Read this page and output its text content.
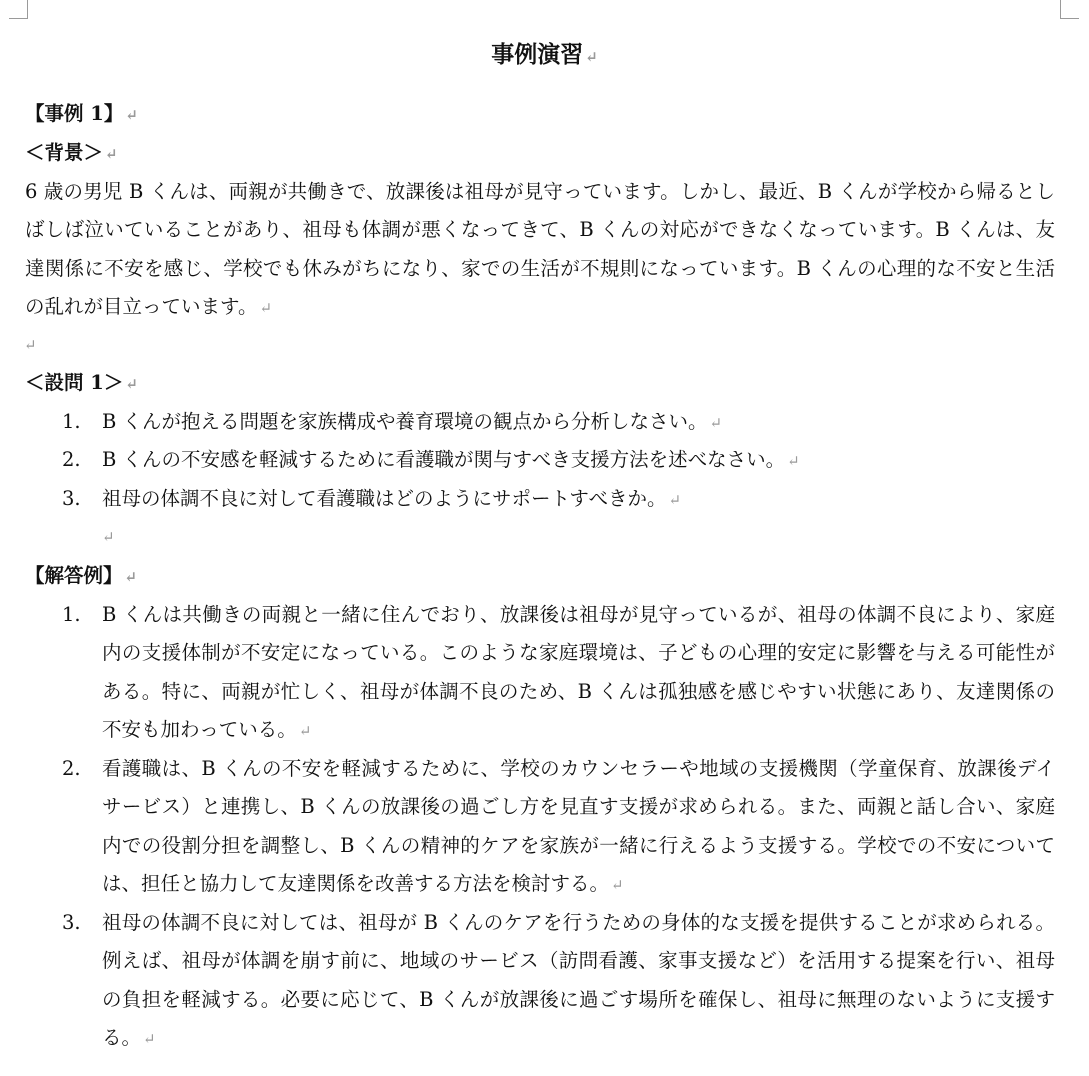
事例演習 ↵
【事例 1】 ↵
＜背景＞ ↵
6 歳の男児 B くんは、両親が共働きで、放課後は祖母が見守っています。しかし、最近、B くんが学校から帰るとしばしば泣いていることがあり、祖母も体調が悪くなってきて、B くんの対応ができなくなっています。B くんは、友達関係に不安を感じ、学校でも休みがちになり、家での生活が不規則になっています。B くんの心理的な不安と生活の乱れが目立っています。 ↵
↵
＜設問 1＞ ↵
1.	B くんが抱える問題を家族構成や養育環境の観点から分析しなさい。 ↵
2.	B くんの不安感を軽減するために看護職が関与すべき支援方法を述べなさい。 ↵
3.	祖母の体調不良に対して看護職はどのようにサポートすべきか。 ↵
↵
【解答例】 ↵
1.	B くんは共働きの両親と一緒に住んでおり、放課後は祖母が見守っているが、祖母の体調不良により、家庭内の支援体制が不安定になっている。このような家庭環境は、子どもの心理的安定に影響を与える可能性がある。特に、両親が忙しく、祖母が体調不良のため、B くんは孤独感を感じやすい状態にあり、友達関係の不安も加わっている。 ↵
2.	看護職は、B くんの不安を軽減するために、学校のカウンセラーや地域の支援機関（学童保育、放課後デイサービス）と連携し、B くんの放課後の過ごし方を見直す支援が求められる。また、両親と話し合い、家庭内での役割分担を調整し、B くんの精神的ケアを家族が一緒に行えるよう支援する。学校での不安については、担任と協力して友達関係を改善する方法を検討する。 ↵
3.	祖母の体調不良に対しては、祖母が B くんのケアを行うための身体的な支援を提供することが求められる。例えば、祖母が体調を崩す前に、地域のサービス（訪問看護、家事支援など）を活用する提案を行い、祖母の負担を軽減する。必要に応じて、B くんが放課後に過ごす場所を確保し、祖母に無理のないように支援する。 ↵
